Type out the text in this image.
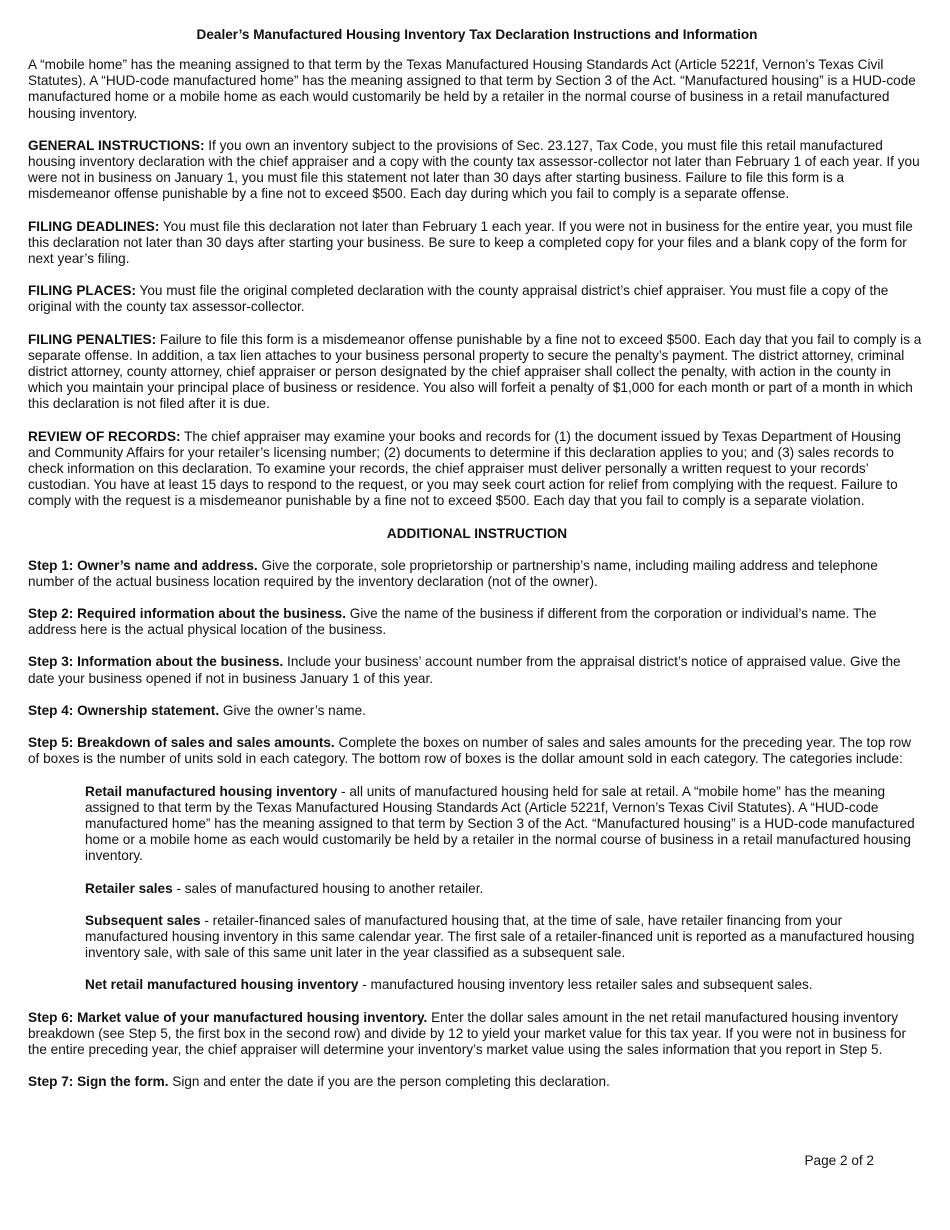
Dealer’s Manufactured Housing Inventory Tax Declaration Instructions and Information

A “mobile home” has the meaning assigned to that term by the Texas Manufactured Housing Standards Act (Article 5221f, Vernon’s Texas Civil Statutes). A “HUD-code manufactured home” has the meaning assigned to that term by Section 3 of the Act. “Manufactured housing” is a HUD-code manufactured home or a mobile home as each would customarily be held by a retailer in the normal course of business in a retail manufactured housing inventory.

GENERAL INSTRUCTIONS: If you own an inventory subject to the provisions of Sec. 23.127, Tax Code, you must file this retail manufactured housing inventory declaration with the chief appraiser and a copy with the county tax assessor-collector not later than February 1 of each year. If you were not in business on January 1, you must file this statement not later than 30 days after starting business. Failure to file this form is a misdemeanor offense punishable by a fine not to exceed $500. Each day during which you fail to comply is a separate offense.

FILING DEADLINES: You must file this declaration not later than February 1 each year. If you were not in business for the entire year, you must file this declaration not later than 30 days after starting your business. Be sure to keep a completed copy for your files and a blank copy of the form for next year’s filing.

FILING PLACES: You must file the original completed declaration with the county appraisal district’s chief appraiser. You must file a copy of the original with the county tax assessor-collector.

FILING PENALTIES: Failure to file this form is a misdemeanor offense punishable by a fine not to exceed $500. Each day that you fail to comply is a separate offense. In addition, a tax lien attaches to your business personal property to secure the penalty’s payment. The district attorney, criminal district attorney, county attorney, chief appraiser or person designated by the chief appraiser shall collect the penalty, with action in the county in which you maintain your principal place of business or residence. You also will forfeit a penalty of $1,000 for each month or part of a month in which this declaration is not filed after it is due.

REVIEW OF RECORDS: The chief appraiser may examine your books and records for (1) the document issued by Texas Department of Housing and Community Affairs for your retailer’s licensing number; (2) documents to determine if this declaration applies to you; and (3) sales records to check information on this declaration. To examine your records, the chief appraiser must deliver personally a written request to your records’ custodian. You have at least 15 days to respond to the request, or you may seek court action for relief from complying with the request. Failure to comply with the request is a misdemeanor punishable by a fine not to exceed $500. Each day that you fail to comply is a separate violation.

ADDITIONAL INSTRUCTION

Step 1: Owner’s name and address. Give the corporate, sole proprietorship or partnership’s name, including mailing address and telephone number of the actual business location required by the inventory declaration (not of the owner).

Step 2: Required information about the business. Give the name of the business if different from the corporation or individual’s name. The address here is the actual physical location of the business.

Step 3: Information about the business. Include your business’ account number from the appraisal district’s notice of appraised value. Give the date your business opened if not in business January 1 of this year.

Step 4: Ownership statement. Give the owner’s name.

Step 5: Breakdown of sales and sales amounts. Complete the boxes on number of sales and sales amounts for the preceding year. The top row of boxes is the number of units sold in each category. The bottom row of boxes is the dollar amount sold in each category. The categories include:

Retail manufactured housing inventory - all units of manufactured housing held for sale at retail. A “mobile home” has the meaning assigned to that term by the Texas Manufactured Housing Standards Act (Article 5221f, Vernon’s Texas Civil Statutes). A “HUD-code manufactured home” has the meaning assigned to that term by Section 3 of the Act. “Manufactured housing” is a HUD-code manufactured home or a mobile home as each would customarily be held by a retailer in the normal course of business in a retail manufactured housing inventory.

Retailer sales - sales of manufactured housing to another retailer.

Subsequent sales - retailer-financed sales of manufactured housing that, at the time of sale, have retailer financing from your manufactured housing inventory in this same calendar year. The first sale of a retailer-financed unit is reported as a manufactured housing inventory sale, with sale of this same unit later in the year classified as a subsequent sale.

Net retail manufactured housing inventory - manufactured housing inventory less retailer sales and subsequent sales.

Step 6: Market value of your manufactured housing inventory. Enter the dollar sales amount in the net retail manufactured housing inventory breakdown (see Step 5, the first box in the second row) and divide by 12 to yield your market value for this tax year. If you were not in business for the entire preceding year, the chief appraiser will determine your inventory’s market value using the sales information that you report in Step 5.

Step 7: Sign the form. Sign and enter the date if you are the person completing this declaration.

Page 2 of 2
